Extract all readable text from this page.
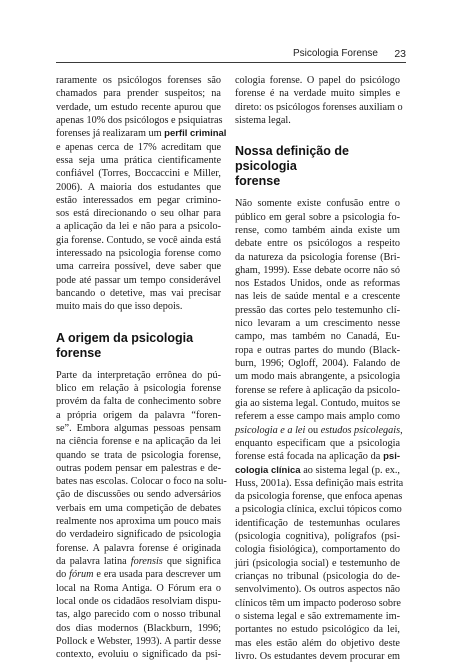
Psicologia Forense 23
raramente os psicólogos forenses são
chamados para prender suspeitos; na
verdade, um estudo recente apurou que
apenas 10% dos psicólogos e psiquiatras
forenses já realizaram um perfil criminal
e apenas cerca de 17% acreditam que
essa seja uma prática cientificamente
confiável (Torres, Boccaccini e Miller,
2006). A maioria dos estudantes que
estão interessados em pegar crimino-
sos está direcionando o seu olhar para
a aplicação da lei e não para a psicolo-
gia forense. Contudo, se você ainda está
interessado na psicologia forense como
uma carreira possível, deve saber que
pode até passar um tempo considerável
bancando o detetive, mas vai precisar
muito mais do que isso depois.
A origem da psicologia forense
Parte da interpretação errônea do pú-
blico em relação à psicologia forense
provém da falta de conhecimento sobre
a própria origem da palavra “foren-
se”. Embora algumas pessoas pensam
na ciência forense e na aplicação da lei
quando se trata de psicologia forense,
outras podem pensar em palestras e de-
bates nas escolas. Colocar o foco na solu-
ção de discussões ou sendo adversários
verbais em uma competição de debates
realmente nos aproxima um pouco mais
do verdadeiro significado de psicologia
forense. A palavra forense é originada
da palavra latina forensis que significa
do fórum e era usada para descrever um
local na Roma Antiga. O Fórum era o
local onde os cidadãos resolviam dispu-
tas, algo parecido com o nosso tribunal
dos dias modernos (Blackburn, 1996;
Pollock e Webster, 1993). A partir desse
contexto, evoluiu o significado da psi-
cologia forense. O papel do psicólogo
forense é na verdade muito simples e
direto: os psicólogos forenses auxiliam o
sistema legal.
Nossa definição de psicologia
forense
Não somente existe confusão entre o
público em geral sobre a psicologia fo-
rense, como também ainda existe um
debate entre os psicólogos a respeito
da natureza da psicologia forense (Bri-
gham, 1999). Esse debate ocorre não só
nos Estados Unidos, onde as reformas
nas leis de saúde mental e a crescente
pressão das cortes pelo testemunho clí-
nico levaram a um crescimento nesse
campo, mas também no Canadá, Eu-
ropa e outras partes do mundo (Black-
burn, 1996; Ogloff, 2004). Falando de
um modo mais abrangente, a psicologia
forense se refere à aplicação da psicolo-
gia ao sistema legal. Contudo, muitos se
referem a esse campo mais amplo como
psicologia e a lei ou estudos psicolegais,
enquanto especificam que a psicologia
forense está focada na aplicação da psi-
cologia clínica ao sistema legal (p. ex.,
Huss, 2001a). Essa definição mais estrita
da psicologia forense, que enfoca apenas
a psicologia clínica, exclui tópicos como
identificação de testemunhas oculares
(psicologia cognitiva), polígrafos (psi-
cologia fisiológica), comportamento do
júri (psicologia social) e testemunho de
crianças no tribunal (psicologia do de-
senvolvimento). Os outros aspectos não
clínicos têm um impacto poderoso sobre
o sistema legal e são extremamente im-
portantes no estudo psicológico da lei,
mas eles estão além do objetivo deste
livro. Os estudantes devem procurar em
